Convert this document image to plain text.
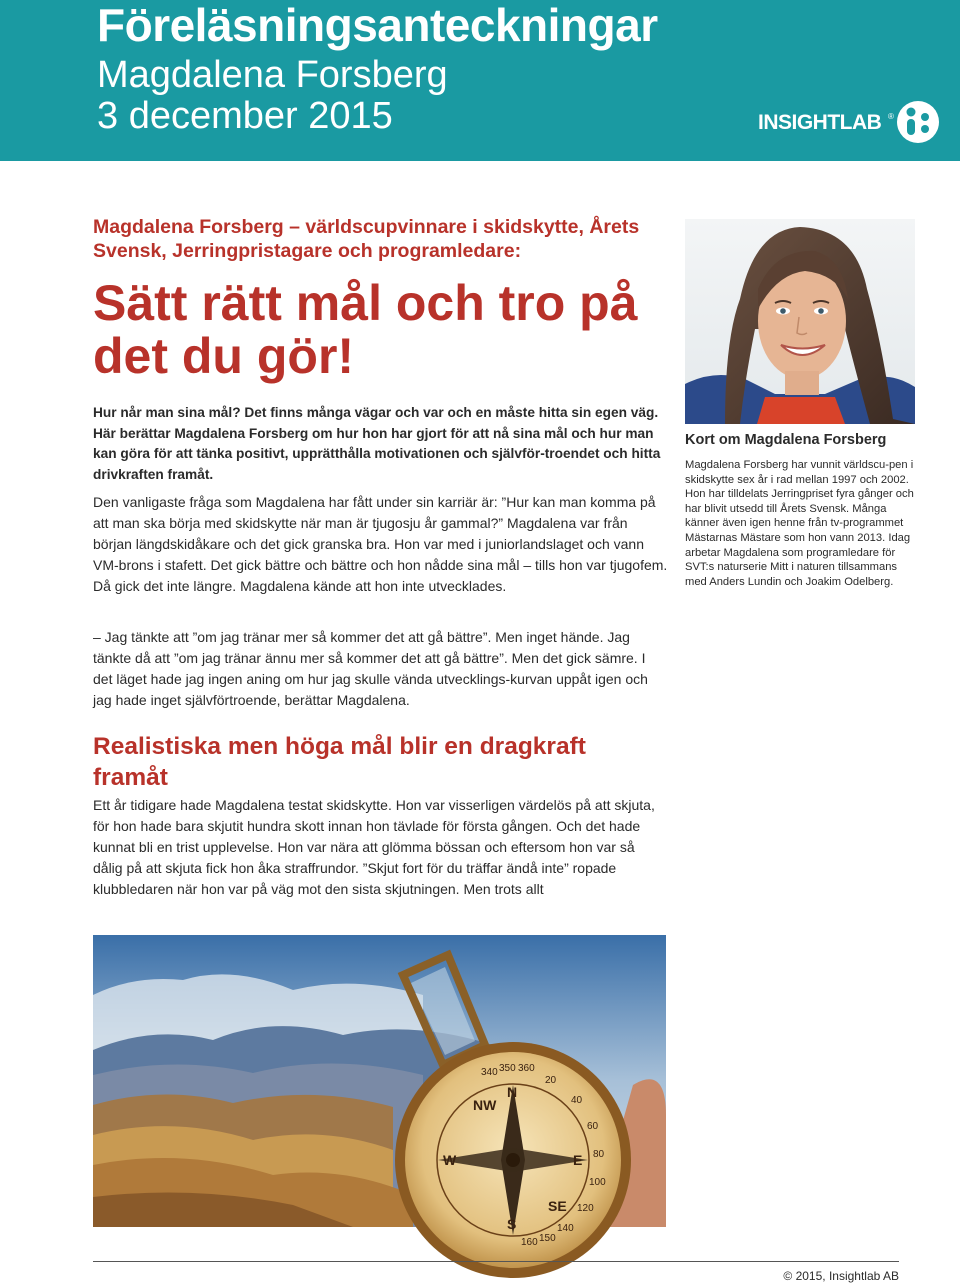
Föreläsningsanteckningar
Magdalena Forsberg
3 december 2015	INSIGHTLAB ®
Magdalena Forsberg – världscupvinnare i skidskytte, Årets Svensk, Jerringpristagare och programledare:
Sätt rätt mål och tro på det du gör!
Hur når man sina mål? Det finns många vägar och var och en måste hitta sin egen väg. Här berättar Magdalena Forsberg om hur hon har gjort för att nå sina mål och hur man kan göra för att tänka positivt, upprätthålla motivationen och självför-troendet och hitta drivkraften framåt.
Den vanligaste fråga som Magdalena har fått under sin karriär är: ”Hur kan man komma på att man ska börja med skidskytte när man är tjugosju år gammal?” Magdalena var från början längdskidåkare och det gick granska bra. Hon var med i juniorlandslaget och vann VM-brons i stafett. Det gick bättre och bättre och hon nådde sina mål – tills hon var tjugofem. Då gick det inte längre. Magdalena kände att hon inte utvecklades.
– Jag tänkte att ”om jag tränar mer så kommer det att gå bättre”. Men inget hände. Jag tänkte då att ”om jag tränar ännu mer så kommer det att gå bättre”. Men det gick sämre. I det läget hade jag ingen aning om hur jag skulle vända utvecklings-kurvan uppåt igen och jag hade inget självförtroende, berättar Magdalena.
Realistiska men höga mål blir en dragkraft framåt
Ett år tidigare hade Magdalena testat skidskytte. Hon var visserligen värdelös på att skjuta, för hon hade bara skjutit hundra skott innan hon tävlade för första gången. Och det hade kunnat bli en trist upplevelse. Hon var nära att glömma bössan och eftersom hon var så dålig på att skjuta fick hon åka straffrundor. ”Skjut fort för du träffar ändå inte” ropade klubbledaren när hon var på väg mot den sista skjutningen. Men trots allt
Kort om Magdalena Forsberg
Magdalena Forsberg har vunnit världscu-pen i skidskytte sex år i rad mellan 1997 och 2002. Hon har tilldelats Jerringpriset fyra gånger och har blivit utsedd till Årets Svensk. Många känner även igen henne från tv-programmet Mästarnas Mästare som hon vann 2013. Idag arbetar Magdalena som programledare för SVT:s naturserie Mitt i naturen tillsammans med Anders Lundin och Joakim Odelberg.
NW
N
E
SE
S
W
340 350 360
20
40
60
80
100
120
140
150
160
© 2015, Insightlab AB
